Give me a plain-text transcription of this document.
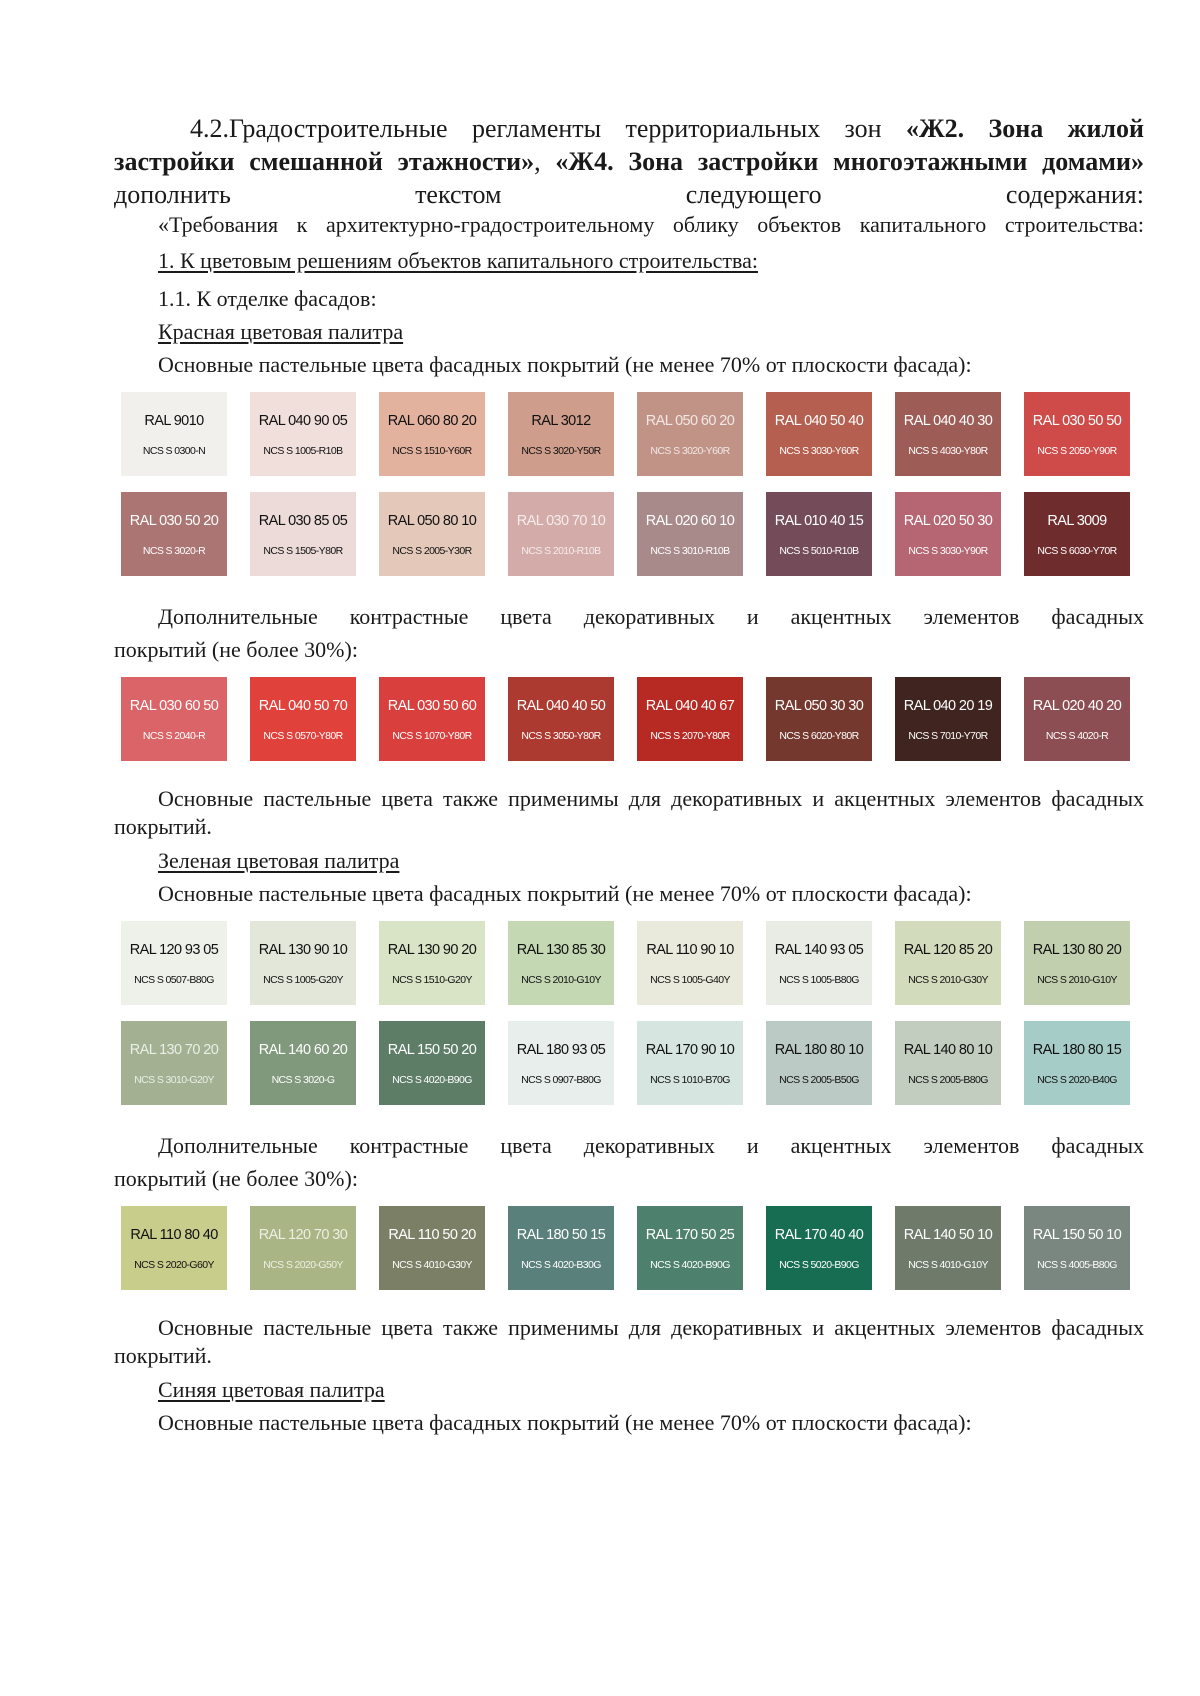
4.2.Градостроительные регламенты территориальных зон «Ж2. Зона жилой застройки смешанной этажности», «Ж4. Зона застройки многоэтажными домами» дополнить текстом следующего содержания:

«Требования к архитектурно-градостроительному облику объектов капитального строительства:

1. К цветовым решениям объектов капитального строительства:

1.1. К отделке фасадов:

Красная цветовая палитра

Основные пастельные цвета фасадных покрытий (не менее 70% от плоскости фасада):

RAL 9010
NCS S 0300-N
RAL 040 90 05
NCS S 1005-R10B
RAL 060 80 20
NCS S 1510-Y60R
RAL 3012
NCS S 3020-Y50R
RAL 050 60 20
NCS S 3020-Y60R
RAL 040 50 40
NCS S 3030-Y60R
RAL 040 40 30
NCS S 4030-Y80R
RAL 030 50 50
NCS S 2050-Y90R
RAL 030 50 20
NCS S 3020-R
RAL 030 85 05
NCS S 1505-Y80R
RAL 050 80 10
NCS S 2005-Y30R
RAL 030 70 10
NCS S 2010-R10B
RAL 020 60 10
NCS S 3010-R10B
RAL 010 40 15
NCS S 5010-R10B
RAL 020 50 30
NCS S 3030-Y90R
RAL 3009
NCS S 6030-Y70R

Дополнительные контрастные цвета декоративных и акцентных элементов фасадных

покрытий (не более 30%):

RAL 030 60 50
NCS S 2040-R
RAL 040 50 70
NCS S 0570-Y80R
RAL 030 50 60
NCS S 1070-Y80R
RAL 040 40 50
NCS S 3050-Y80R
RAL 040 40 67
NCS S 2070-Y80R
RAL 050 30 30
NCS S 6020-Y80R
RAL 040 20 19
NCS S 7010-Y70R
RAL 020 40 20
NCS S 4020-R

Основные пастельные цвета также применимы для декоративных и акцентных элементов фасадных покрытий.

Зеленая цветовая палитра

Основные пастельные цвета фасадных покрытий (не менее 70% от плоскости фасада):

RAL 120 93 05
NCS S 0507-B80G
RAL 130 90 10
NCS S 1005-G20Y
RAL 130 90 20
NCS S 1510-G20Y
RAL 130 85 30
NCS S 2010-G10Y
RAL 110 90 10
NCS S 1005-G40Y
RAL 140 93 05
NCS S 1005-B80G
RAL 120 85 20
NCS S 2010-G30Y
RAL 130 80 20
NCS S 2010-G10Y
RAL 130 70 20
NCS S 3010-G20Y
RAL 140 60 20
NCS S 3020-G
RAL 150 50 20
NCS S 4020-B90G
RAL 180 93 05
NCS S 0907-B80G
RAL 170 90 10
NCS S 1010-B70G
RAL 180 80 10
NCS S 2005-B50G
RAL 140 80 10
NCS S 2005-B80G
RAL 180 80 15
NCS S 2020-B40G

Дополнительные контрастные цвета декоративных и акцентных элементов фасадных

покрытий (не более 30%):

RAL 110 80 40
NCS S 2020-G60Y
RAL 120 70 30
NCS S 2020-G50Y
RAL 110 50 20
NCS S 4010-G30Y
RAL 180 50 15
NCS S 4020-B30G
RAL 170 50 25
NCS S 4020-B90G
RAL 170 40 40
NCS S 5020-B90G
RAL 140 50 10
NCS S 4010-G10Y
RAL 150 50 10
NCS S 4005-B80G

Основные пастельные цвета также применимы для декоративных и акцентных элементов фасадных покрытий.

Синяя цветовая палитра

Основные пастельные цвета фасадных покрытий (не менее 70% от плоскости фасада):
